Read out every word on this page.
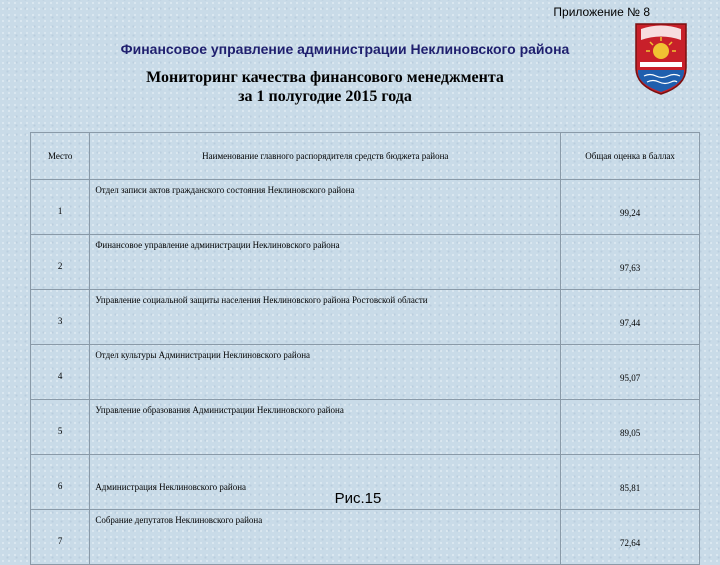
Приложение № 8
Финансовое управление администрации Неклиновского района
Мониторинг качества финансового менеджмента
за 1 полугодие 2015 года
Место	Наименование главного распорядителя средств бюджета района	Общая оценка в баллах
1	Отдел записи актов гражданского состояния Неклиновского района	99,24
2	Финансовое управление администрации Неклиновского района	97,63
3	Управление социальной защиты населения Неклиновского района Ростовской области	97,44
4	Отдел культуры Администрации Неклиновского района	95,07
5	Управление образования Администрации Неклиновского района	89,05
6	Администрация Неклиновского района	85,81
7	Собрание депутатов Неклиновского района	72,64
Рис.15
